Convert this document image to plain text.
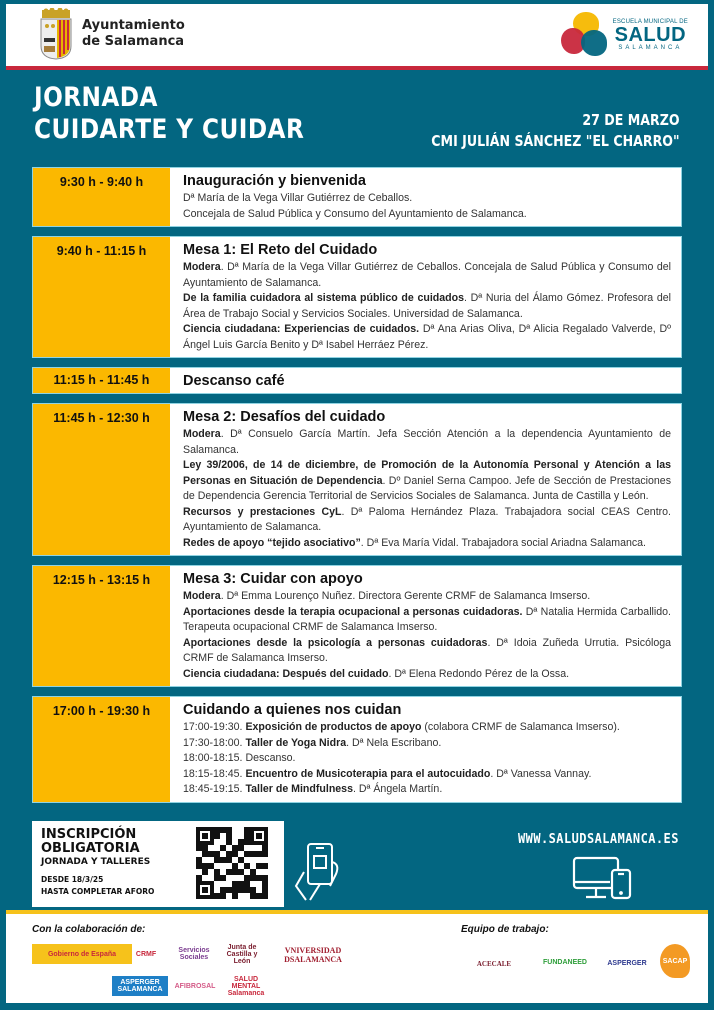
Ayuntamiento
de Salamanca
ESCUELA MUNICIPAL DE
SALUD
SALAMANCA
JORNADA
CUIDARTE Y CUIDAR	27 DE MARZO
CMI JULIÁN SÁNCHEZ "EL CHARRO"
9:30 h - 9:40 h	Inauguración y bienvenida
Dª María de la Vega Villar Gutiérrez de Ceballos.
Concejala de Salud Pública y Consumo del Ayuntamiento de Salamanca.
9:40 h - 11:15 h	Mesa 1: El Reto del Cuidado
Modera. Dª María de la Vega Villar Gutiérrez de Ceballos. Concejala de Salud Pública y Consumo del Ayuntamiento de Salamanca.
De la familia cuidadora al sistema público de cuidados. Dª Nuria del Álamo Gómez. Profesora del Área de Trabajo Social y Servicios Sociales. Universidad de Salamanca.
Ciencia ciudadana: Experiencias de cuidados. Dª Ana Arias Oliva, Dª Alicia Regalado Valverde, Dº Ángel Luis García Benito y Dª Isabel Herráez Pérez.
11:15 h - 11:45 h	Descanso café
11:45 h - 12:30 h	Mesa 2: Desafíos del cuidado
Modera. Dª Consuelo García Martín. Jefa Sección Atención a la dependencia Ayuntamiento de Salamanca.
Ley 39/2006, de 14 de diciembre, de Promoción de la Autonomía Personal y Atención a las Personas en Situación de Dependencia. Dº Daniel Serna Campoo. Jefe de Sección de Prestaciones de Dependencia Gerencia Territorial de Servicios Sociales de Salamanca. Junta de Castilla y León.
Recursos y prestaciones CyL. Dª Paloma Hernández Plaza. Trabajadora social CEAS Centro. Ayuntamiento de Salamanca.
Redes de apoyo “tejido asociativo”. Dª Eva María Vidal. Trabajadora social Ariadna Salamanca.
12:15 h - 13:15 h	Mesa 3: Cuidar con apoyo
Modera. Dª Emma Lourenço Nuñez. Directora Gerente CRMF de Salamanca Imserso.
Aportaciones desde la terapia ocupacional a personas cuidadoras. Dª Natalia Hermida Carballido. Terapeuta ocupacional CRMF de Salamanca Imserso.
Aportaciones desde la psicología a personas cuidadoras. Dª Idoia Zuñeda Urrutia. Psicóloga CRMF de Salamanca Imserso.
Ciencia ciudadana: Después del cuidado. Dª Elena Redondo Pérez de la Ossa.
17:00 h - 19:30 h	Cuidando a quienes nos cuidan
17:00-19:30. Exposición de productos de apoyo (colabora CRMF de Salamanca Imserso).
17:30-18:00. Taller de Yoga Nidra. Dª Nela Escribano.
18:00-18:15. Descanso.
18:15-18:45. Encuentro de Musicoterapia para el autocuidado. Dª Vanessa Vannay.
18:45-19:15. Taller de Mindfulness. Dª Ángela Martín.
INSCRIPCIÓN
OBLIGATORIA
JORNADA Y TALLERES
DESDE 18/3/25
HASTA COMPLETAR AFORO
WWW.SALUDSALAMANCA.ES
Con la colaboración de:	Equipo de trabajo:
Gobierno de España	CRMF	Servicios Sociales
Junta de Castilla y León
VNIVERSIDAD DSALAMANCA
ASPERGER SALAMANCA	AFIBROSAL
SALUD MENTAL Salamanca
ACECALE	FUNDANEED	ASPERGER	SACAP
